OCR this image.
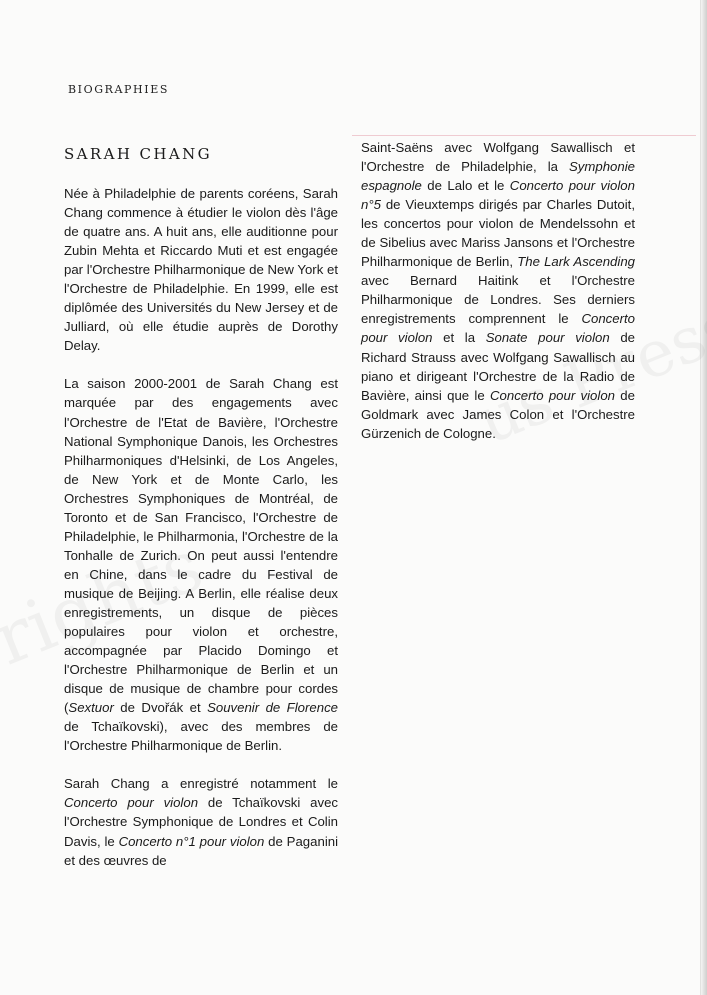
BIOGRAPHIES
SARAH CHANG

Née à Philadelphie de parents coréens, Sarah Chang commence à étudier le violon dès l'âge de quatre ans. A huit ans, elle auditionne pour Zubin Mehta et Riccardo Muti et est engagée par l'Orchestre Philharmonique de New York et l'Orchestre de Philadelphie. En 1999, elle est diplômée des Universités du New Jersey et de Julliard, où elle étudie auprès de Dorothy Delay.

La saison 2000-2001 de Sarah Chang est marquée par des engagements avec l'Orchestre de l'Etat de Bavière, l'Orchestre National Symphonique Danois, les Orchestres Philharmoniques d'Helsinki, de Los Angeles, de New York et de Monte Carlo, les Orchestres Symphoniques de Montréal, de Toronto et de San Francisco, l'Orchestre de Philadelphie, le Philharmonia, l'Orchestre de la Tonhalle de Zurich. On peut aussi l'entendre en Chine, dans le cadre du Festival de musique de Beijing. A Berlin, elle réalise deux enregistrements, un disque de pièces populaires pour violon et orchestre, accompagnée par Placido Domingo et l'Orchestre Philharmonique de Berlin et un disque de musique de chambre pour cordes (Sextuor de Dvořák et Souvenir de Florence de Tchaïkovski), avec des membres de l'Orchestre Philharmonique de Berlin.

Sarah Chang a enregistré notamment le Concerto pour violon de Tchaïkovski avec l'Orchestre Symphonique de Londres et Colin Davis, le Concerto n°1 pour violon de Paganini et des œuvres de

Saint-Saëns avec Wolfgang Sawallisch et l'Orchestre de Philadelphie, la Symphonie espagnole de Lalo et le Concerto pour violon n°5 de Vieuxtemps dirigés par Charles Dutoit, les concertos pour violon de Mendelssohn et de Sibelius avec Mariss Jansons et l'Orchestre Philharmonique de Berlin, The Lark Ascending avec Bernard Haitink et l'Orchestre Philharmonique de Londres. Ses derniers enregistrements comprennent le Concerto pour violon et la Sonate pour violon de Richard Strauss avec Wolfgang Sawallisch au piano et dirigeant l'Orchestre de la Radio de Bavière, ainsi que le Concerto pour violon de Goldmark avec James Colon et l'Orchestre Gürzenich de Cologne.
